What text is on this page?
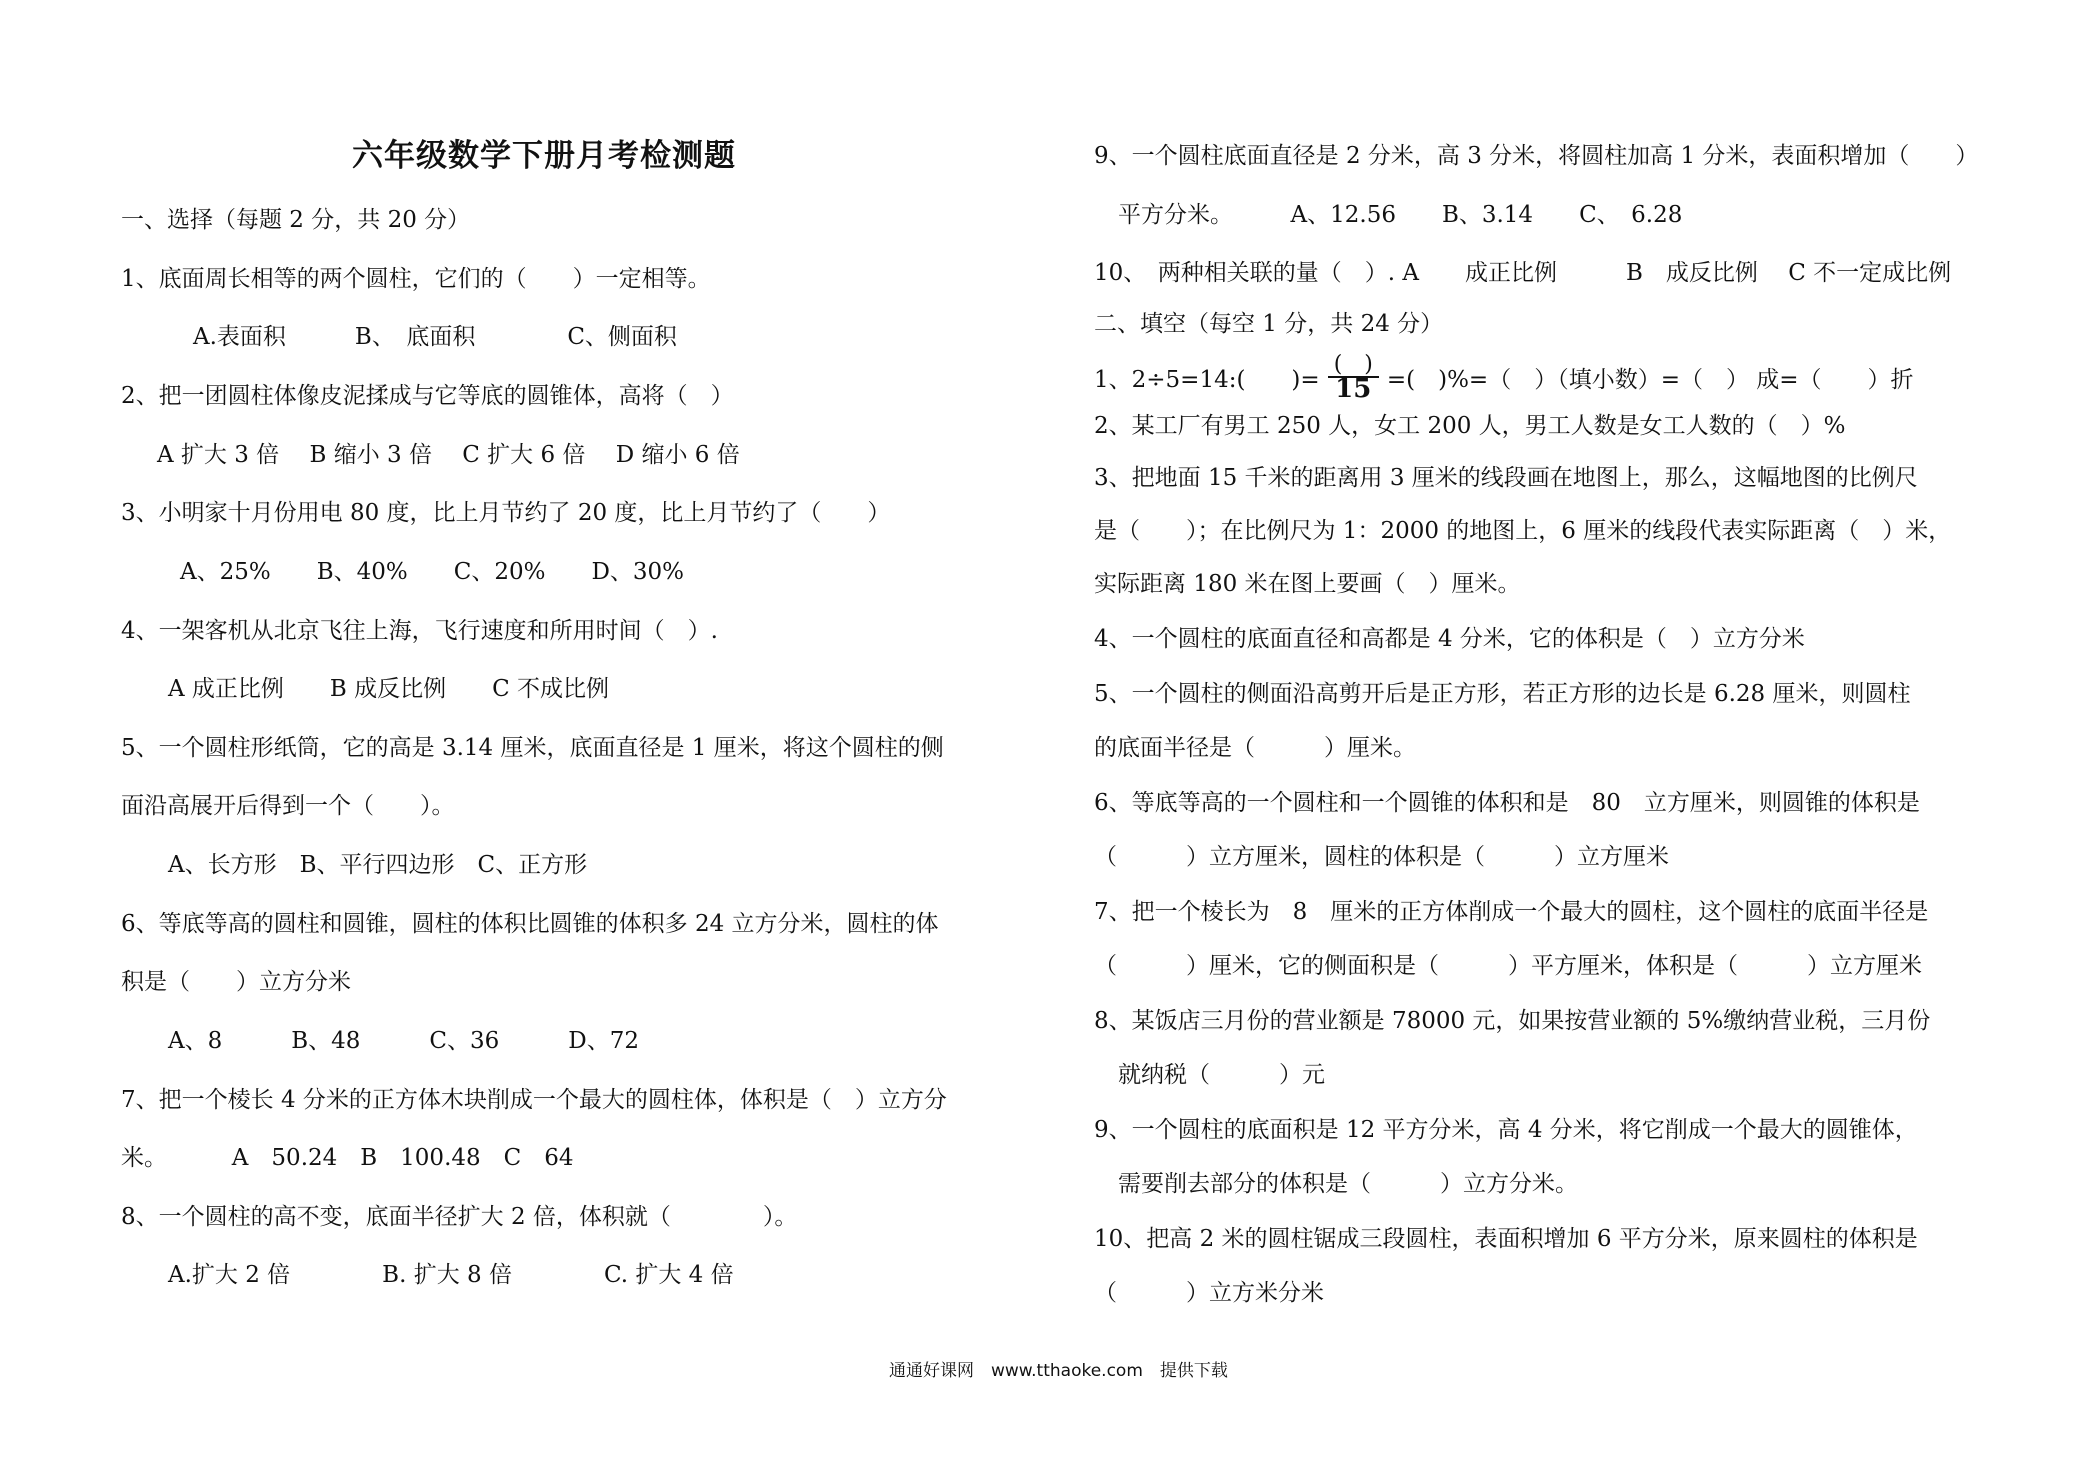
六年级数学下册月考检测题
一、选择（每题 2 分，共 20 分）
1、底面周长相等的两个圆柱，它们的（　　）一定相等。
A.表面积　　　B、　底面积　　　　C、侧面积
2、把一团圆柱体像皮泥揉成与它等底的圆锥体，高将（　）
A 扩大 3 倍　 B 缩小 3 倍　 C 扩大 6 倍　 D 缩小 6 倍
3、小明家十月份用电 80 度，比上月节约了 20 度，比上月节约了（　　）
A、25%　　B、40%　　C、20%　　D、30%
4、一架客机从北京飞往上海，飞行速度和所用时间（　）.
A 成正比例　　B 成反比例　　C 不成比例
5、一个圆柱形纸筒，它的高是 3.14 厘米，底面直径是 1 厘米，将这个圆柱的侧
面沿高展开后得到一个（　　）。
A、长方形　B、平行四边形　C、正方形
6、等底等高的圆柱和圆锥，圆柱的体积比圆锥的体积多 24 立方分米，圆柱的体
积是（　　）立方分米
A、8　　　B、48　　　C、36　　　D、72
7、把一个棱长 4 分米的正方体木块削成一个最大的圆柱体，体积是（　）立方分
米。　　　 A　50.24　B　100.48　C　64
8、一个圆柱的高不变，底面半径扩大 2 倍，体积就（　　　　）。
A.扩大 2 倍　　　　B. 扩大 8 倍　　　　C. 扩大 4 倍
9、一个圆柱底面直径是 2 分米，高 3 分米，将圆柱加高 1 分米，表面积增加（　　）
平方分米。　　　A、12.56　　B、3.14　　C、　6.28
10、　两种相关联的量（　）. A　　成正比例　　　B　成反比例　 C 不一定成比例
二、填空（每空 1 分，共 24 分）
1、2÷5=14:(　　)= $\frac{( )}{15}$ =(　)%=（　）（填小数）=（　） 成=（　　）折
2、某工厂有男工 250 人，女工 200 人，男工人数是女工人数的（　）%
3、把地面 15 千米的距离用 3 厘米的线段画在地图上，那么，这幅地图的比例尺
是（　　）；在比例尺为 1：2000 的地图上，6 厘米的线段代表实际距离（　）米，
实际距离 180 米在图上要画（　）厘米。
4、一个圆柱的底面直径和高都是 4 分米，它的体积是（　）立方分米
5、一个圆柱的侧面沿高剪开后是正方形，若正方形的边长是 6.28 厘米，则圆柱
的底面半径是（　　　）厘米。
6、等底等高的一个圆柱和一个圆锥的体积和是　80　立方厘米，则圆锥的体积是
（　　　）立方厘米，圆柱的体积是（　　　）立方厘米
7、把一个棱长为　8　厘米的正方体削成一个最大的圆柱，这个圆柱的底面半径是
（　　　）厘米，它的侧面积是（　　　）平方厘米，体积是（　　　）立方厘米
8、某饭店三月份的营业额是 78000 元，如果按营业额的 5%缴纳营业税，三月份
就纳税（　　　）元
9、一个圆柱的底面积是 12 平方分米，高 4 分米，将它削成一个最大的圆锥体，
需要削去部分的体积是（　　　）立方分米。
10、把高 2 米的圆柱锯成三段圆柱，表面积增加 6 平方分米，原来圆柱的体积是
（　　　）立方米分米
通通好课网　www.tthaoke.com　提供下载
